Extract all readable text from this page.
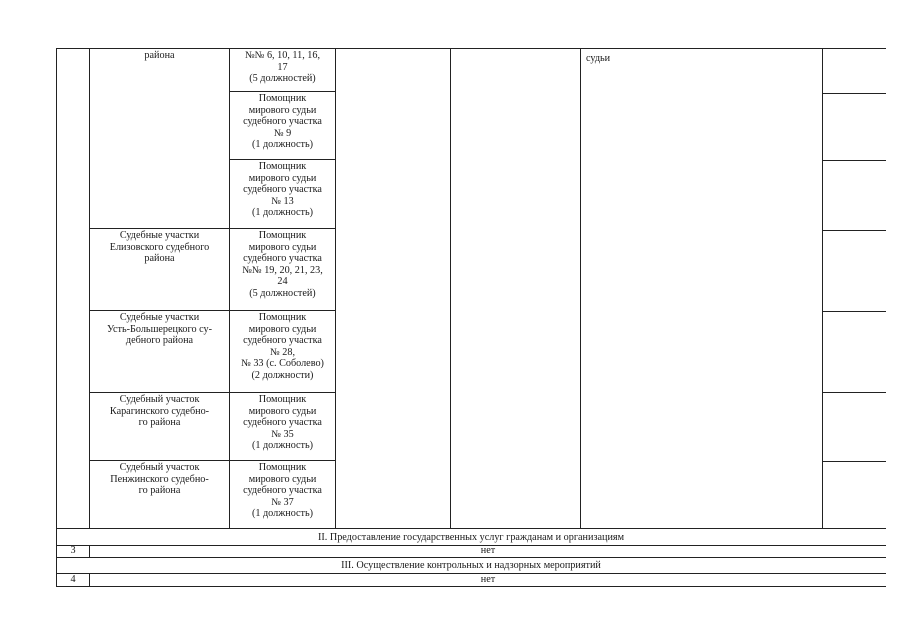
района
Судебные участки
Елизовского судебного
района
Судебные участки
Усть-Большерецкого су-
дебного района
Судебный участок
Карагинского судебно-
го района
Судебный участок
Пенжинского судебно-
го района
№№ 6, 10, 11, 16,
17
(5 должностей)
Помощник
мирового судьи
судебного участка
№ 9
(1 должность)
Помощник
мирового судьи
судебного участка
№ 13
(1 должность)
Помощник
мирового судьи
судебного участка
№№ 19, 20, 21, 23,
24
(5 должностей)
Помощник
мирового судьи
судебного участка
№ 28,
№ 33 (с. Соболево)
(2 должности)
Помощник
мирового судьи
судебного участка
№ 35
(1 должность)
Помощник
мирового судьи
судебного участка
№ 37
(1 должность)
судьи
II. Предоставление государственных услуг гражданам и организациям
3	нет
III. Осуществление контрольных и надзорных мероприятий
4	нет
